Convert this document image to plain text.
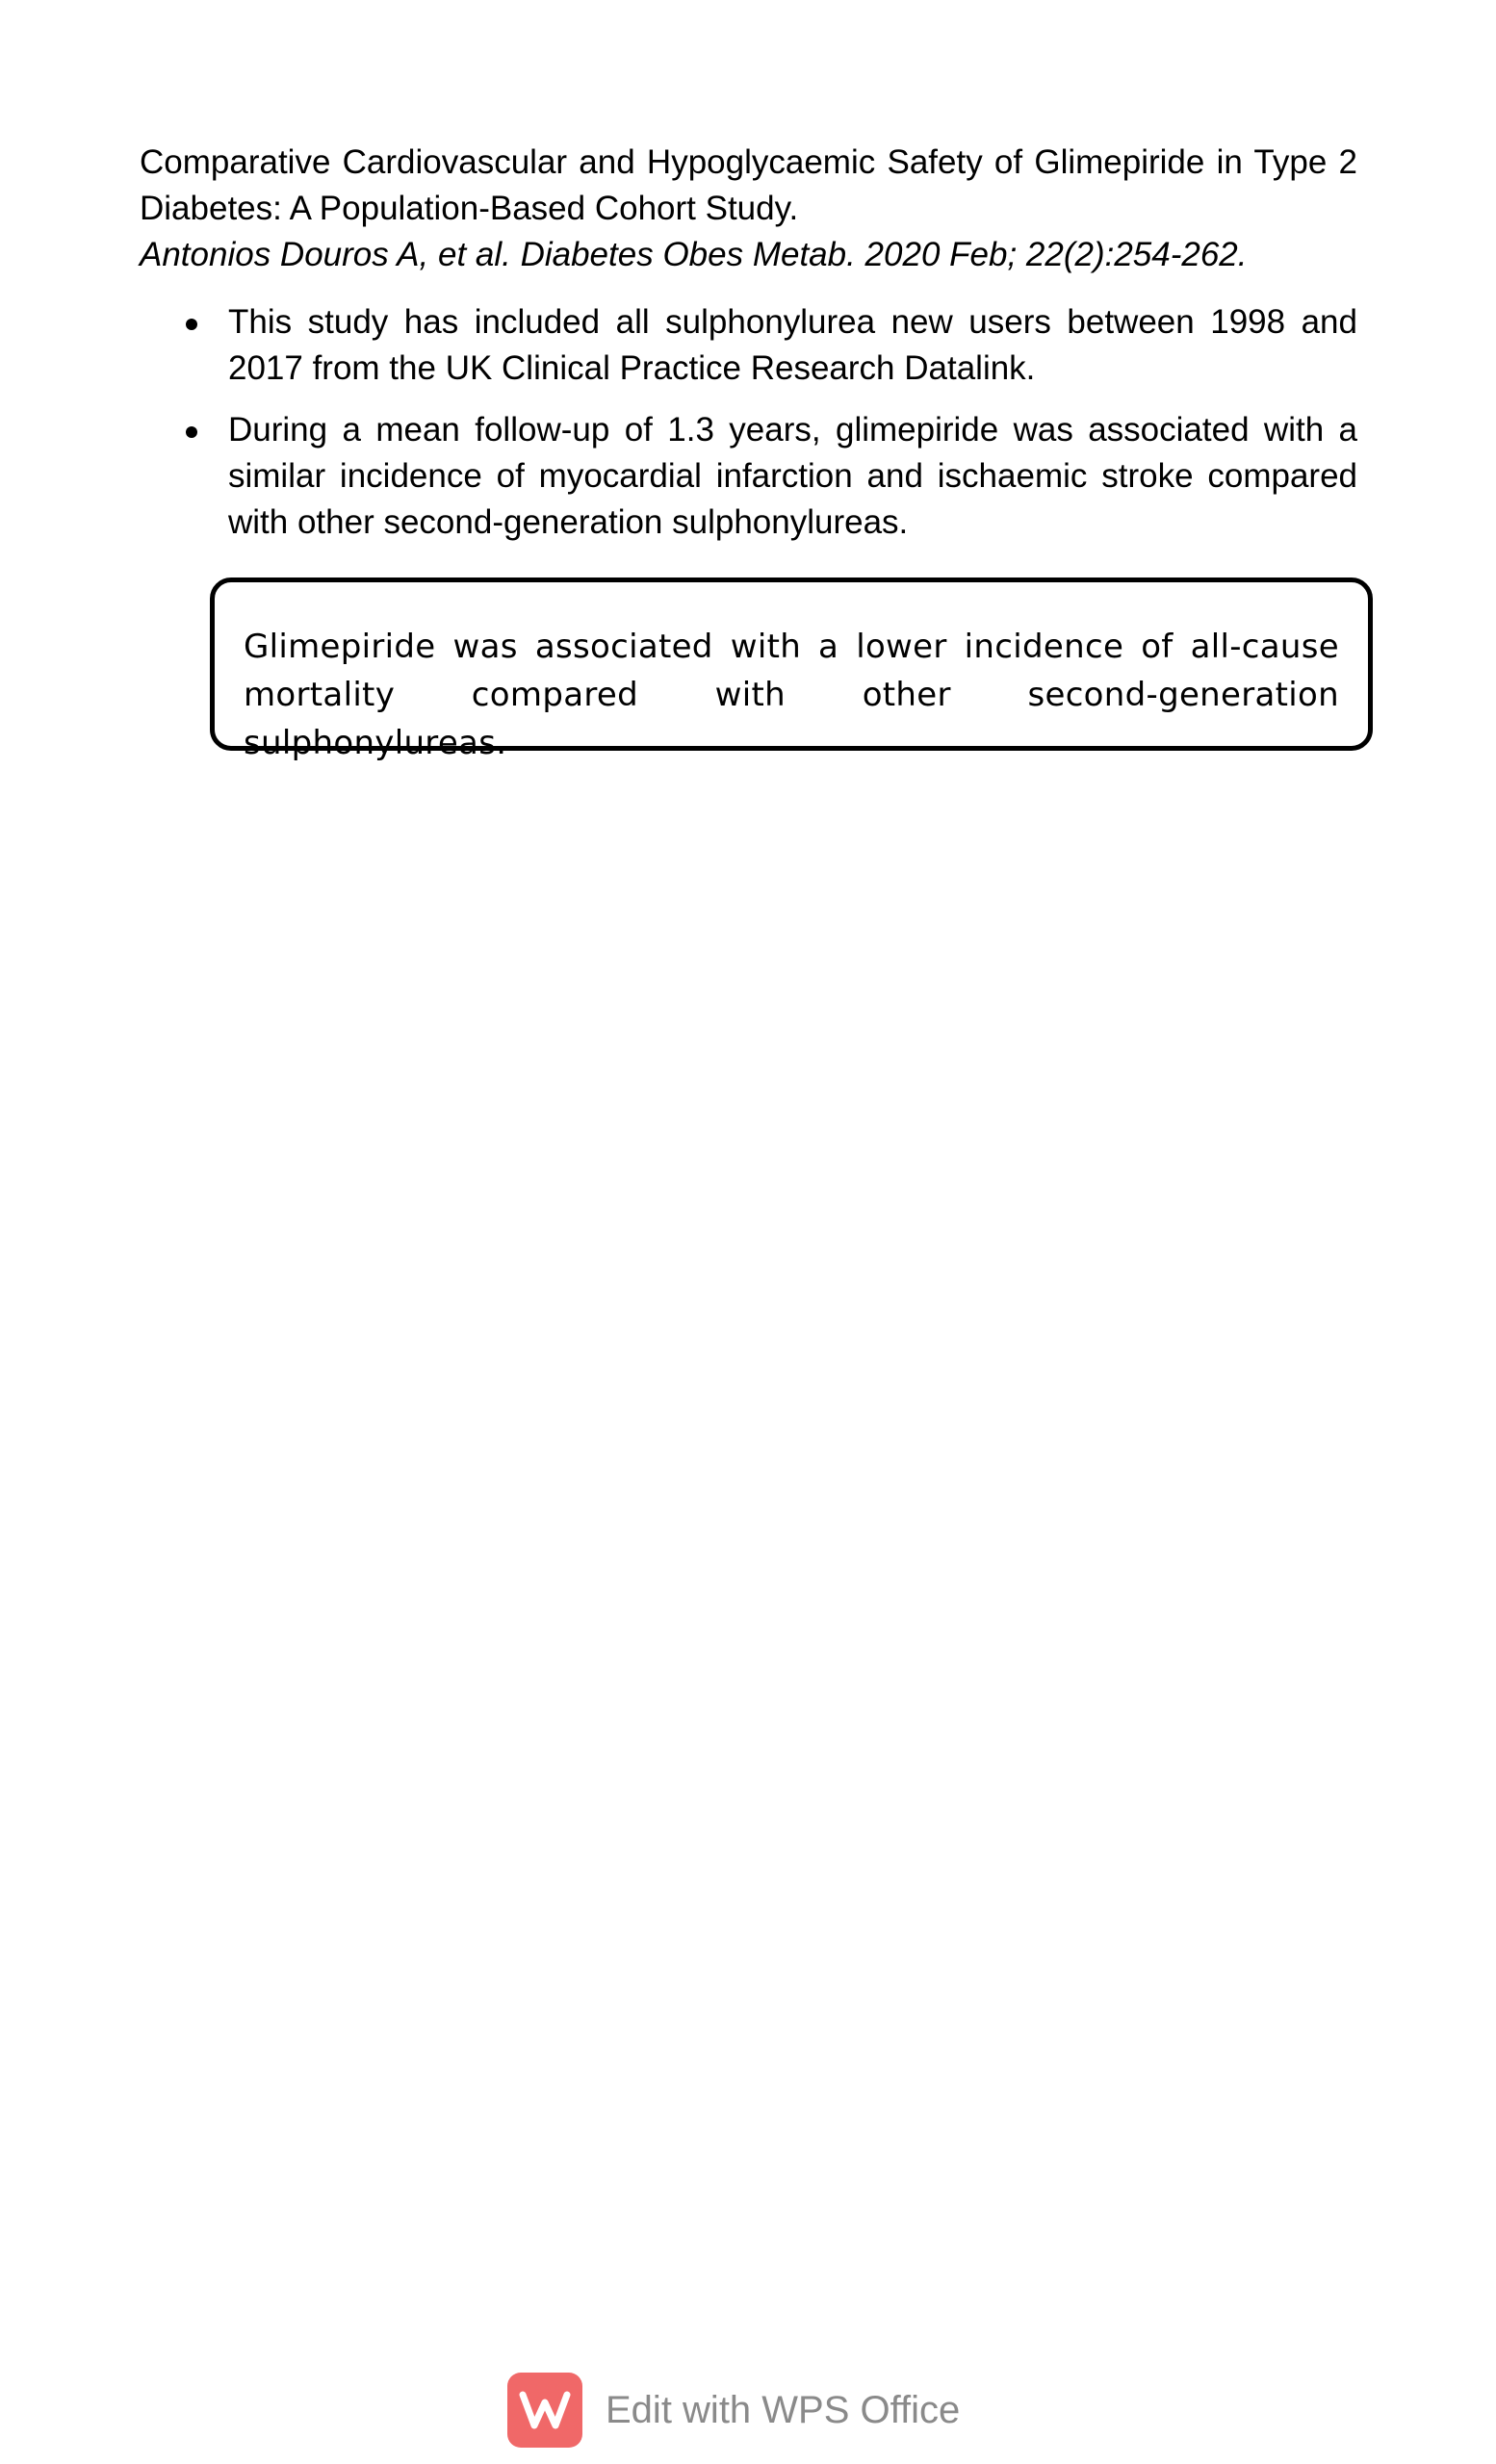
Comparative Cardiovascular and Hypoglycaemic Safety of Glimepiride in Type 2 Diabetes: A Population-Based Cohort Study.

Antonios Douros A, et al. Diabetes Obes Metab. 2020 Feb; 22(2):254-262.

This study has included all sulphonylurea new users between 1998 and 2017 from the UK Clinical Practice Research Datalink.
During a mean follow-up of 1.3 years, glimepiride was associated with a similar incidence of myocardial infarction and ischaemic stroke compared with other second-generation sulphonylureas.

Glimepiride was associated with a lower incidence of all-cause mortality compared with other second-generation sulphonylureas.

Edit with WPS Office
